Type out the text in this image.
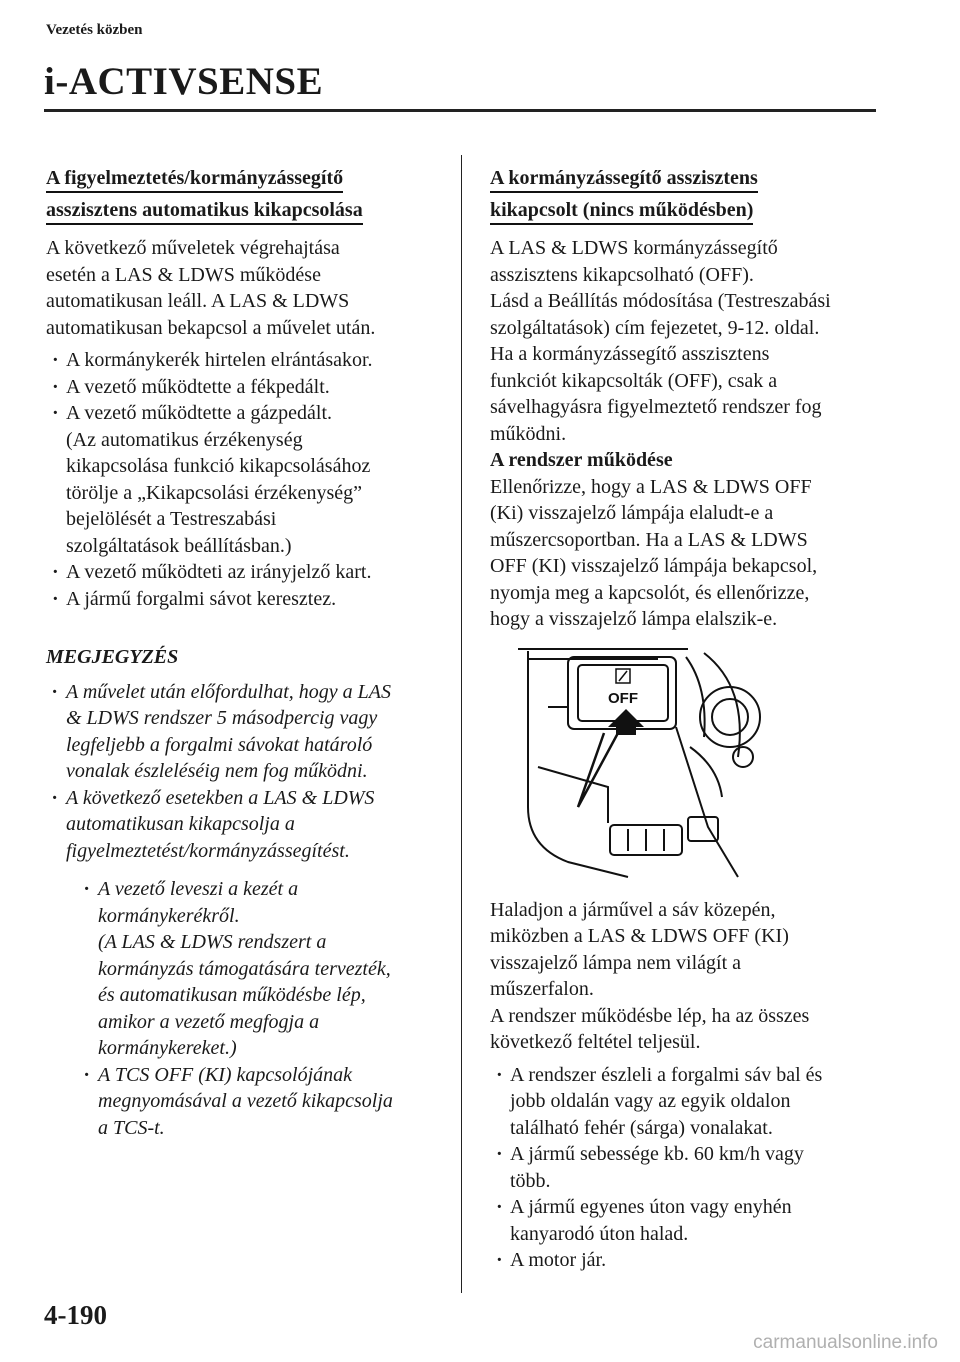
Vezetés közben
i-ACTIVSENSE
A figyelmeztetés/kormányzássegítő
asszisztens automatikus kikapcsolása

A következő műveletek végrehajtása
esetén a LAS & LDWS működése
automatikusan leáll. A LAS & LDWS
automatikusan bekapcsol a művelet után.

· A kormánykerék hirtelen elrántásakor.
· A vezető működtette a fékpedált.
· A vezető működtette a gázpedált.
(Az automatikus érzékenység
kikapcsolása funkció kikapcsolásához
törölje a „Kikapcsolási érzékenység”
bejelölését a Testreszabási
szolgáltatások beállításban.)
· A vezető működteti az irányjelző kart.
· A jármű forgalmi sávot keresztez.
MEGJEGYZÉS
· A művelet után előfordulhat, hogy a LAS
& LDWS rendszer 5 másodpercig vagy
legfeljebb a forgalmi sávokat határoló
vonalak észleléséig nem fog működni.
· A következő esetekben a LAS & LDWS
automatikusan kikapcsolja a
figyelmeztetést/kormányzássegítést.
· A vezető leveszi a kezét a
kormánykerékről.
(A LAS & LDWS rendszert a
kormányzás támogatására tervezték,
és automatikusan működésbe lép,
amikor a vezető megfogja a
kormánykereket.)
· A TCS OFF (KI) kapcsolójának
megnyomásával a vezető kikapcsolja
a TCS-t.
A kormányzássegítő asszisztens
kikapcsolt (nincs működésben)

A LAS & LDWS kormányzássegítő
asszisztens kikapcsolható (OFF).
Lásd a Beállítás módosítása (Testreszabási
szolgáltatások) cím fejezetet, 9-12. oldal.
Ha a kormányzássegítő asszisztens
funkciót kikapcsolták (OFF), csak a
sávelhagyásra figyelmeztető rendszer fog
működni.

A rendszer működése

Ellenőrizze, hogy a LAS & LDWS OFF
(Ki) visszajelző lámpája elaludt-e a
műszercsoportban. Ha a LAS & LDWS
OFF (KI) visszajelző lámpája bekapcsol,
nyomja meg a kapcsolót, és ellenőrizze,
hogy a visszajelző lámpa elalszik-e.

OFF

Haladjon a járművel a sáv közepén,
miközben a LAS & LDWS OFF (KI)
visszajelző lámpa nem világít a
műszerfalon.
A rendszer működésbe lép, ha az összes
következő feltétel teljesül.

· A rendszer észleli a forgalmi sáv bal és
jobb oldalán vagy az egyik oldalon
található fehér (sárga) vonalakat.
· A jármű sebessége kb. 60 km/h vagy
több.
· A jármű egyenes úton vagy enyhén
kanyarodó úton halad.
· A motor jár.
4-190
carmanualsonline.info
